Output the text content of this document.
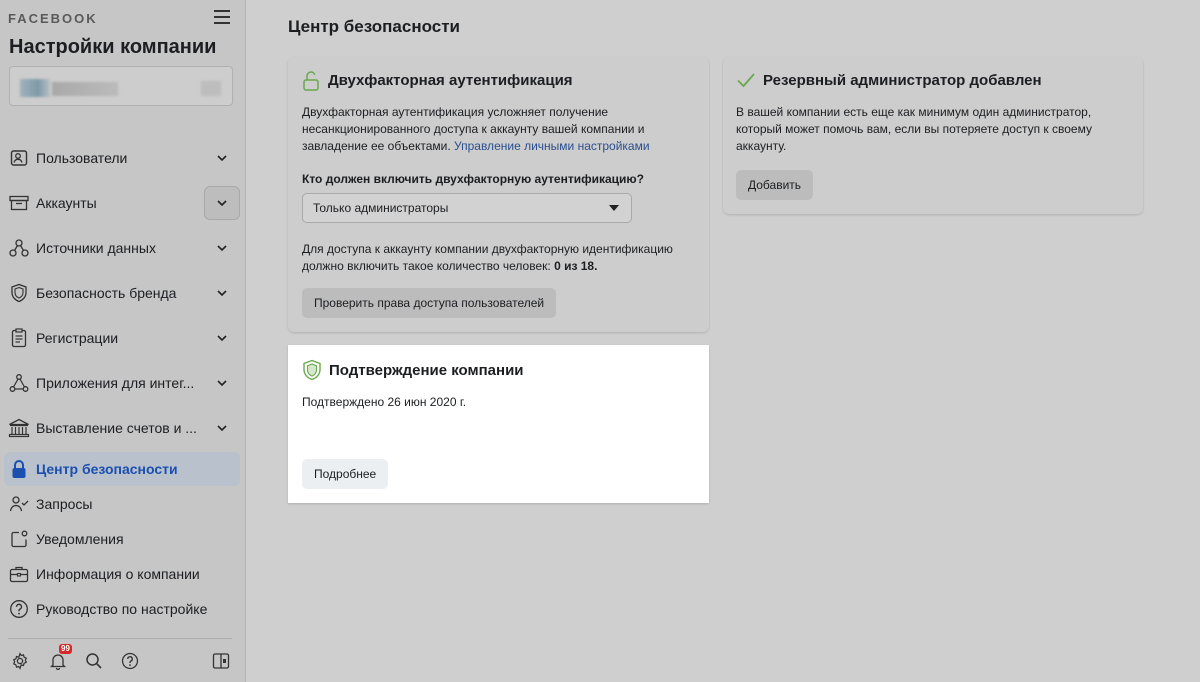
FACEBOOK
Настройки компании
Пользователи
Аккаунты
Источники данных
Безопасность бренда
Регистрации
Приложения для интег...
Выставление счетов и ...
Центр безопасности
Запросы
Уведомления
Информация о компании
Руководство по настройке
99
Центр безопасности
Двухфакторная аутентификация
Двухфакторная аутентификация усложняет получение несанкционированного доступа к аккаунту вашей компании и завладение ее объектами. Управление личными настройками
Кто должен включить двухфакторную аутентификацию?
Только администраторы
Для доступа к аккаунту компании двухфакторную идентификацию должно включить такое количество человек: 0 из 18.
Проверить права доступа пользователей
Резервный администратор добавлен
В вашей компании есть еще как минимум один администратор, который может помочь вам, если вы потеряете доступ к своему аккаунту.
Добавить
Подтверждение компании
Подтверждено 26 июн 2020 г.
Подробнее
